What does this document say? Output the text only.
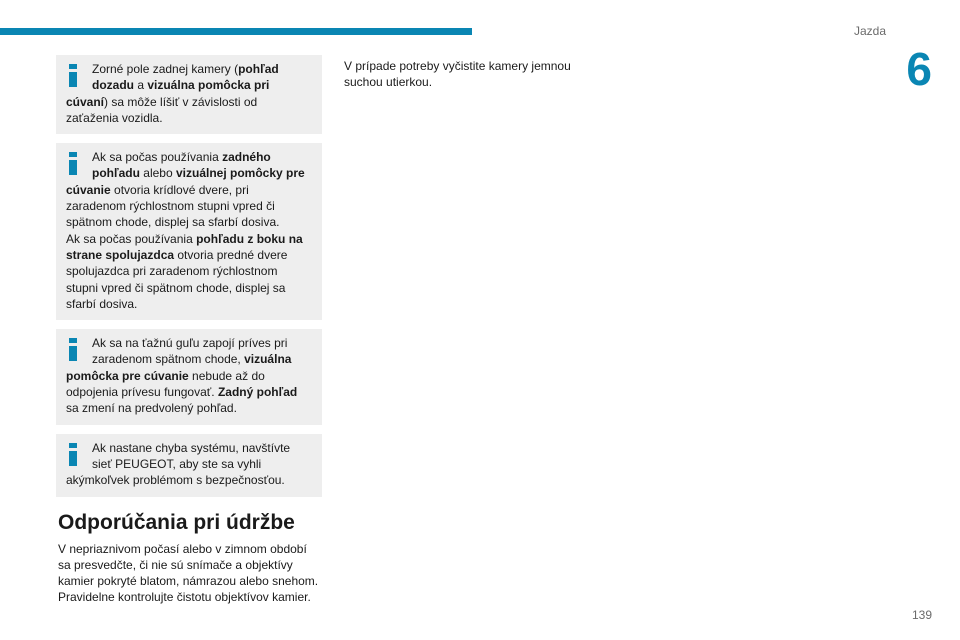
Jazda
6

Zorné pole zadnej kamery (pohľad

dozadu a vizuálna pomôcka pri

cúvaní) sa môže líšiť v závislosti od

zaťaženia vozidla.

Ak sa počas používania zadného

pohľadu alebo vizuálnej pomôcky pre

cúvanie otvoria krídlové dvere, pri

zaradenom rýchlostnom stupni vpred či

spätnom chode, displej sa sfarbí dosiva.

Ak sa počas používania pohľadu z boku na

strane spolujazdca otvoria predné dvere

spolujazdca pri zaradenom rýchlostnom

stupni vpred či spätnom chode, displej sa

sfarbí dosiva.

Ak sa na ťažnú guľu zapojí príves pri

zaradenom spätnom chode, vizuálna

pomôcka pre cúvanie nebude až do

odpojenia prívesu fungovať. Zadný pohľad

sa zmení na predvolený pohľad.

Ak nastane chyba systému, navštívte

sieť PEUGEOT, aby ste sa vyhli

akýmkoľvek problémom s bezpečnosťou.

Odporúčania pri údržbe

V nepriaznivom počasí alebo v zimnom období
sa presvedčte, či nie sú snímače a objektívy
kamier pokryté blatom, námrazou alebo snehom.
Pravidelne kontrolujte čistotu objektívov kamier.

V prípade potreby vyčistite kamery jemnou
suchou utierkou.

139
